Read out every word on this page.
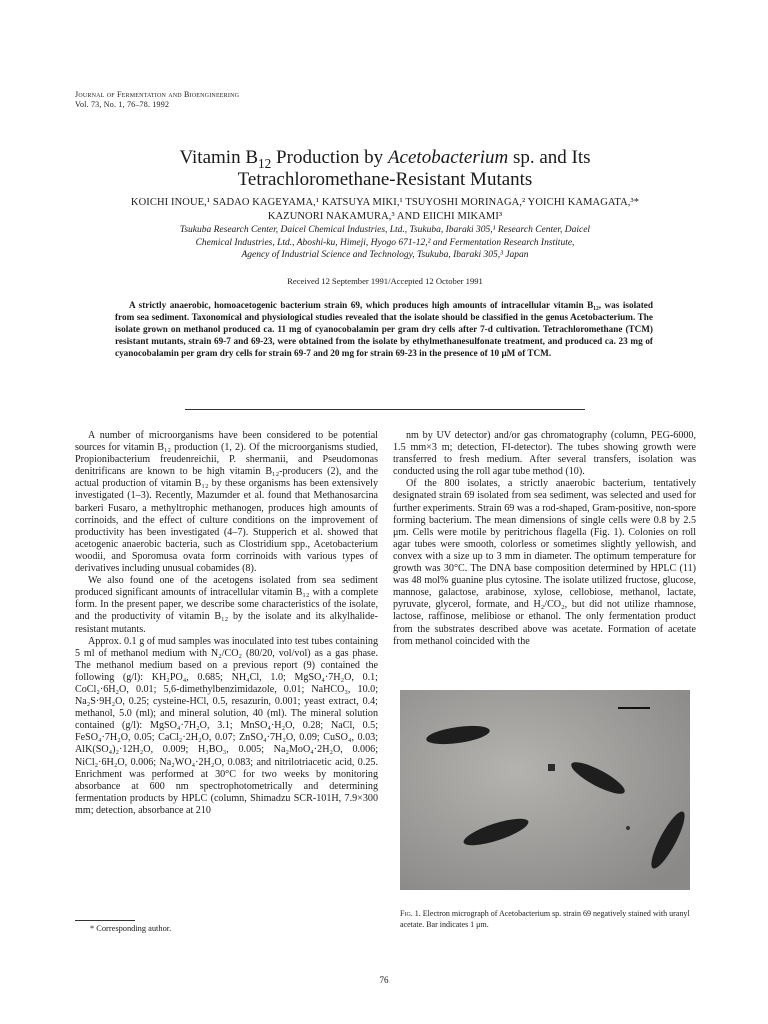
Journal of Fermentation and Bioengineering
Vol. 73, No. 1, 76–78. 1992
Vitamin $B_{12}$ Production by Acetobacterium sp. and Its
Tetrachloromethane-Resistant Mutants
KOICHI INOUE,¹ SADAO KAGEYAMA,¹ KATSUYA MIKI,¹ TSUYOSHI MORINAGA,² YOICHI KAMAGATA,³*
KAZUNORI NAKAMURA,³ AND EIICHI MIKAMI³
Tsukuba Research Center, Daicel Chemical Industries, Ltd., Tsukuba, Ibaraki 305,¹ Research Center, Daicel
Chemical Industries, Ltd., Aboshi-ku, Himeji, Hyogo 671-12,² and Fermentation Research Institute,
Agency of Industrial Science and Technology, Tsukuba, Ibaraki 305,³ Japan
Received 12 September 1991/Accepted 12 October 1991

A strictly anaerobic, homoacetogenic bacterium strain 69, which produces high amounts of intracellular vitamin B₁₂, was isolated from sea sediment. Taxonomical and physiological studies revealed that the isolate should be classified in the genus Acetobacterium. The isolate grown on methanol produced ca. 11 mg of cyanocobalamin per gram dry cells after 7-d cultivation. Tetrachloromethane (TCM) resistant mutants, strain 69-7 and 69-23, were obtained from the isolate by ethylmethanesulfonate treatment, and produced ca. 23 mg of cyanocobalamin per gram dry cells for strain 69-7 and 20 mg for strain 69-23 in the presence of 10 μM of TCM.

A number of microorganisms have been considered to be potential sources for vitamin B₁₂ production (1, 2). Of the microorganisms studied, Propionibacterium freudenreichii, P. shermanii, and Pseudomonas denitrificans are known to be high vitamin B₁₂-producers (2), and the actual production of vitamin B₁₂ by these organisms has been extensively investigated (1–3). Recently, Mazumder et al. found that Methanosarcina barkeri Fusaro, a methyltrophic methanogen, produces high amounts of corrinoids, and the effect of culture conditions on the improvement of productivity has been investigated (4–7). Stupperich et al. showed that acetogenic anaerobic bacteria, such as Clostridium spp., Acetobacterium woodii, and Sporomusa ovata form corrinoids with various types of derivatives including unusual cobamides (8).

We also found one of the acetogens isolated from sea sediment produced significant amounts of intracellular vitamin B₁₂ with a complete form. In the present paper, we describe some characteristics of the isolate, and the productivity of vitamin B₁₂ by the isolate and its alkylhalide-resistant mutants.

Approx. 0.1 g of mud samples was inoculated into test tubes containing 5 ml of methanol medium with N₂/CO₂ (80/20, vol/vol) as a gas phase. The methanol medium based on a previous report (9) contained the following (g/l): KH₂PO₄, 0.685; NH₄Cl, 1.0; MgSO₄·7H₂O, 0.1; CoCl₂·6H₂O, 0.01; 5,6-dimethylbenzimidazole, 0.01; NaHCO₃, 10.0; Na₂S·9H₂O, 0.25; cysteine-HCl, 0.5, resazurin, 0.001; yeast extract, 0.4; methanol, 5.0 (ml); and mineral solution, 40 (ml). The mineral solution contained (g/l): MgSO₄·7H₂O, 3.1; MnSO₄·H₂O, 0.28; NaCl, 0.5; FeSO₄·7H₂O, 0.05; CaCl₂·2H₂O, 0.07; ZnSO₄·7H₂O, 0.09; CuSO₄, 0.03; AlK(SO₄)₂·12H₂O, 0.009; H₃BO₃, 0.005; Na₂MoO₄·2H₂O, 0.006; NiCl₂·6H₂O, 0.006; Na₂WO₄·2H₂O, 0.083; and nitrilotriacetic acid, 0.25. Enrichment was performed at 30°C for two weeks by monitoring absorbance at 600 nm spectrophotometrically and determining fermentation products by HPLC (column, Shimadzu SCR-101H, 7.9×300 mm; detection, absorbance at 210

nm by UV detector) and/or gas chromatography (column, PEG-6000, 1.5 mm×3 m; detection, FI-detector). The tubes showing growth were transferred to fresh medium. After several transfers, isolation was conducted using the roll agar tube method (10).

Of the 800 isolates, a strictly anaerobic bacterium, tentatively designated strain 69 isolated from sea sediment, was selected and used for further experiments. Strain 69 was a rod-shaped, Gram-positive, non-spore forming bacterium. The mean dimensions of single cells were 0.8 by 2.5 μm. Cells were motile by peritrichous flagella (Fig. 1). Colonies on roll agar tubes were smooth, colorless or sometimes slightly yellowish, and convex with a size up to 3 mm in diameter. The optimum temperature for growth was 30°C. The DNA base composition determined by HPLC (11) was 48 mol% guanine plus cytosine. The isolate utilized fructose, glucose, mannose, galactose, arabinose, xylose, cellobiose, methanol, lactate, pyruvate, glycerol, formate, and H₂/CO₂, but did not utilize rhamnose, lactose, raffinose, melibiose or ethanol. The only fermentation product from the substrates described above was acetate. Formation of acetate from methanol coincided with the

Fig. 1. Electron micrograph of Acetobacterium sp. strain 69 negatively stained with uranyl acetate. Bar indicates 1 μm.
* Corresponding author.
76
